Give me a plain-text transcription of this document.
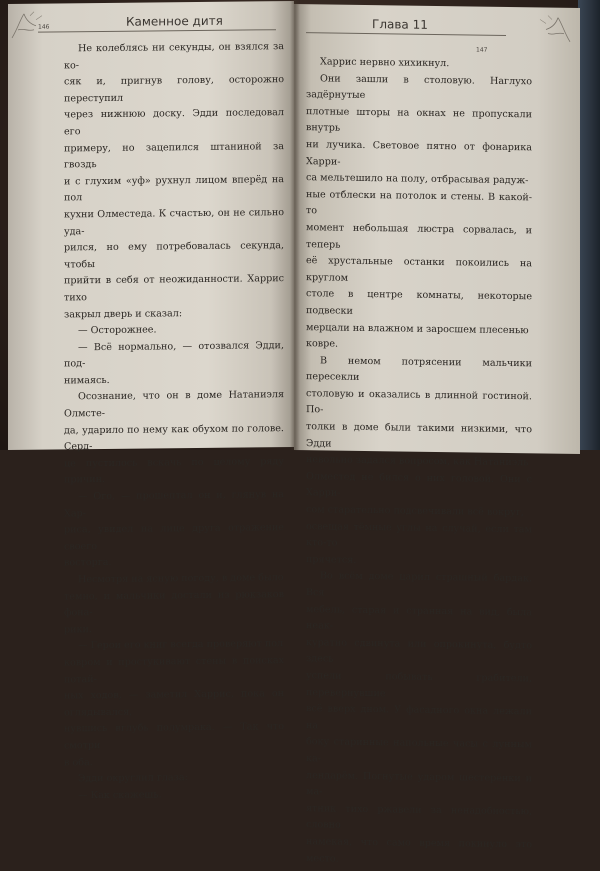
146	Каменное дитя

Не колеблясь ни секунды, он взялся за ко-

сяк и, пригнув голову, осторожно переступил

через нижнюю доску. Эдди последовал его

примеру, но зацепился штаниной за гвоздь

и с глухим «уф» рухнул лицом вперёд на пол

кухни Олместеда. К счастью, он не сильно уда-

рился, но ему потребовалась секунда, чтобы

прийти в себя от неожиданности. Харрис тихо

закрыл дверь и сказал:

— Осторожнее.

— Всё нормально, — отозвался Эдди, под-

нимаясь.

Осознание, что он в доме Натаниэля Олмсте-

да, ударило по нему как обухом по голове. Серд-

це пустилось вскачь по целому ряду причин.

— Ого, — прошептал он и, глянув на Хар-

риса, увидел на лице друга отражение своего

восторга.

Несмотря на ясную погоду, в доме было

темно, и мальчики достали из рюкзаков фона-

рики.

— Герои его книг всегда проверяют пол

ковром и простукивают стены в поисках потай-

ных ходов, — заметил Харрис, пока он оглядывался,

нувшись вглубь полумрака. — Так что смотри

в оба.

Эдди округлил глаза:

— Как скажешь.

Глава 11
147

Харрис нервно хихикнул.

Они зашли в столовую. Наглухо задёрнутые

плотные шторы на окнах не пропускали внутрь

ни лучика. Световое пятно от фонарика Харри-

са мельтешило на полу, отбрасывая радуж-

ные отблески на потолок и стены. В какой-то

момент небольшая люстра сорвалась, и теперь

её хрустальные останки покоились на круглом

столе в центре комнаты, некоторые подвески

мерцали на влажном и заросшем плесенью

ковре.

В немом потрясении мальчики пересекли

столовую и оказались в длинной гостиной. По-

толки в доме были такими низкими, что Эдди

невольно задался вопросом, как Натаниэль

Олместед не бился о них головой. Они с Харри-

сом старательно подсвечивали всё вокруг,

освещая тёмные углы на случай, если там кто-то

прячется.

Во всём доме царил страшный бардак. Вся

мебель, старая и странная на вид, была неак-

куратно сдвинута или опрокинута, будто здесь

успели побывать грабители, перевернувшие

всё вверх дном. У фасадного окна лежали на

боку старинные напольные часы с лунным ка-

лендарём. Погнутые ударом шестерёнки и ма-

ятник тихо ржавели за ненадобностью, словно

намекая, что само время покинуло это место.
